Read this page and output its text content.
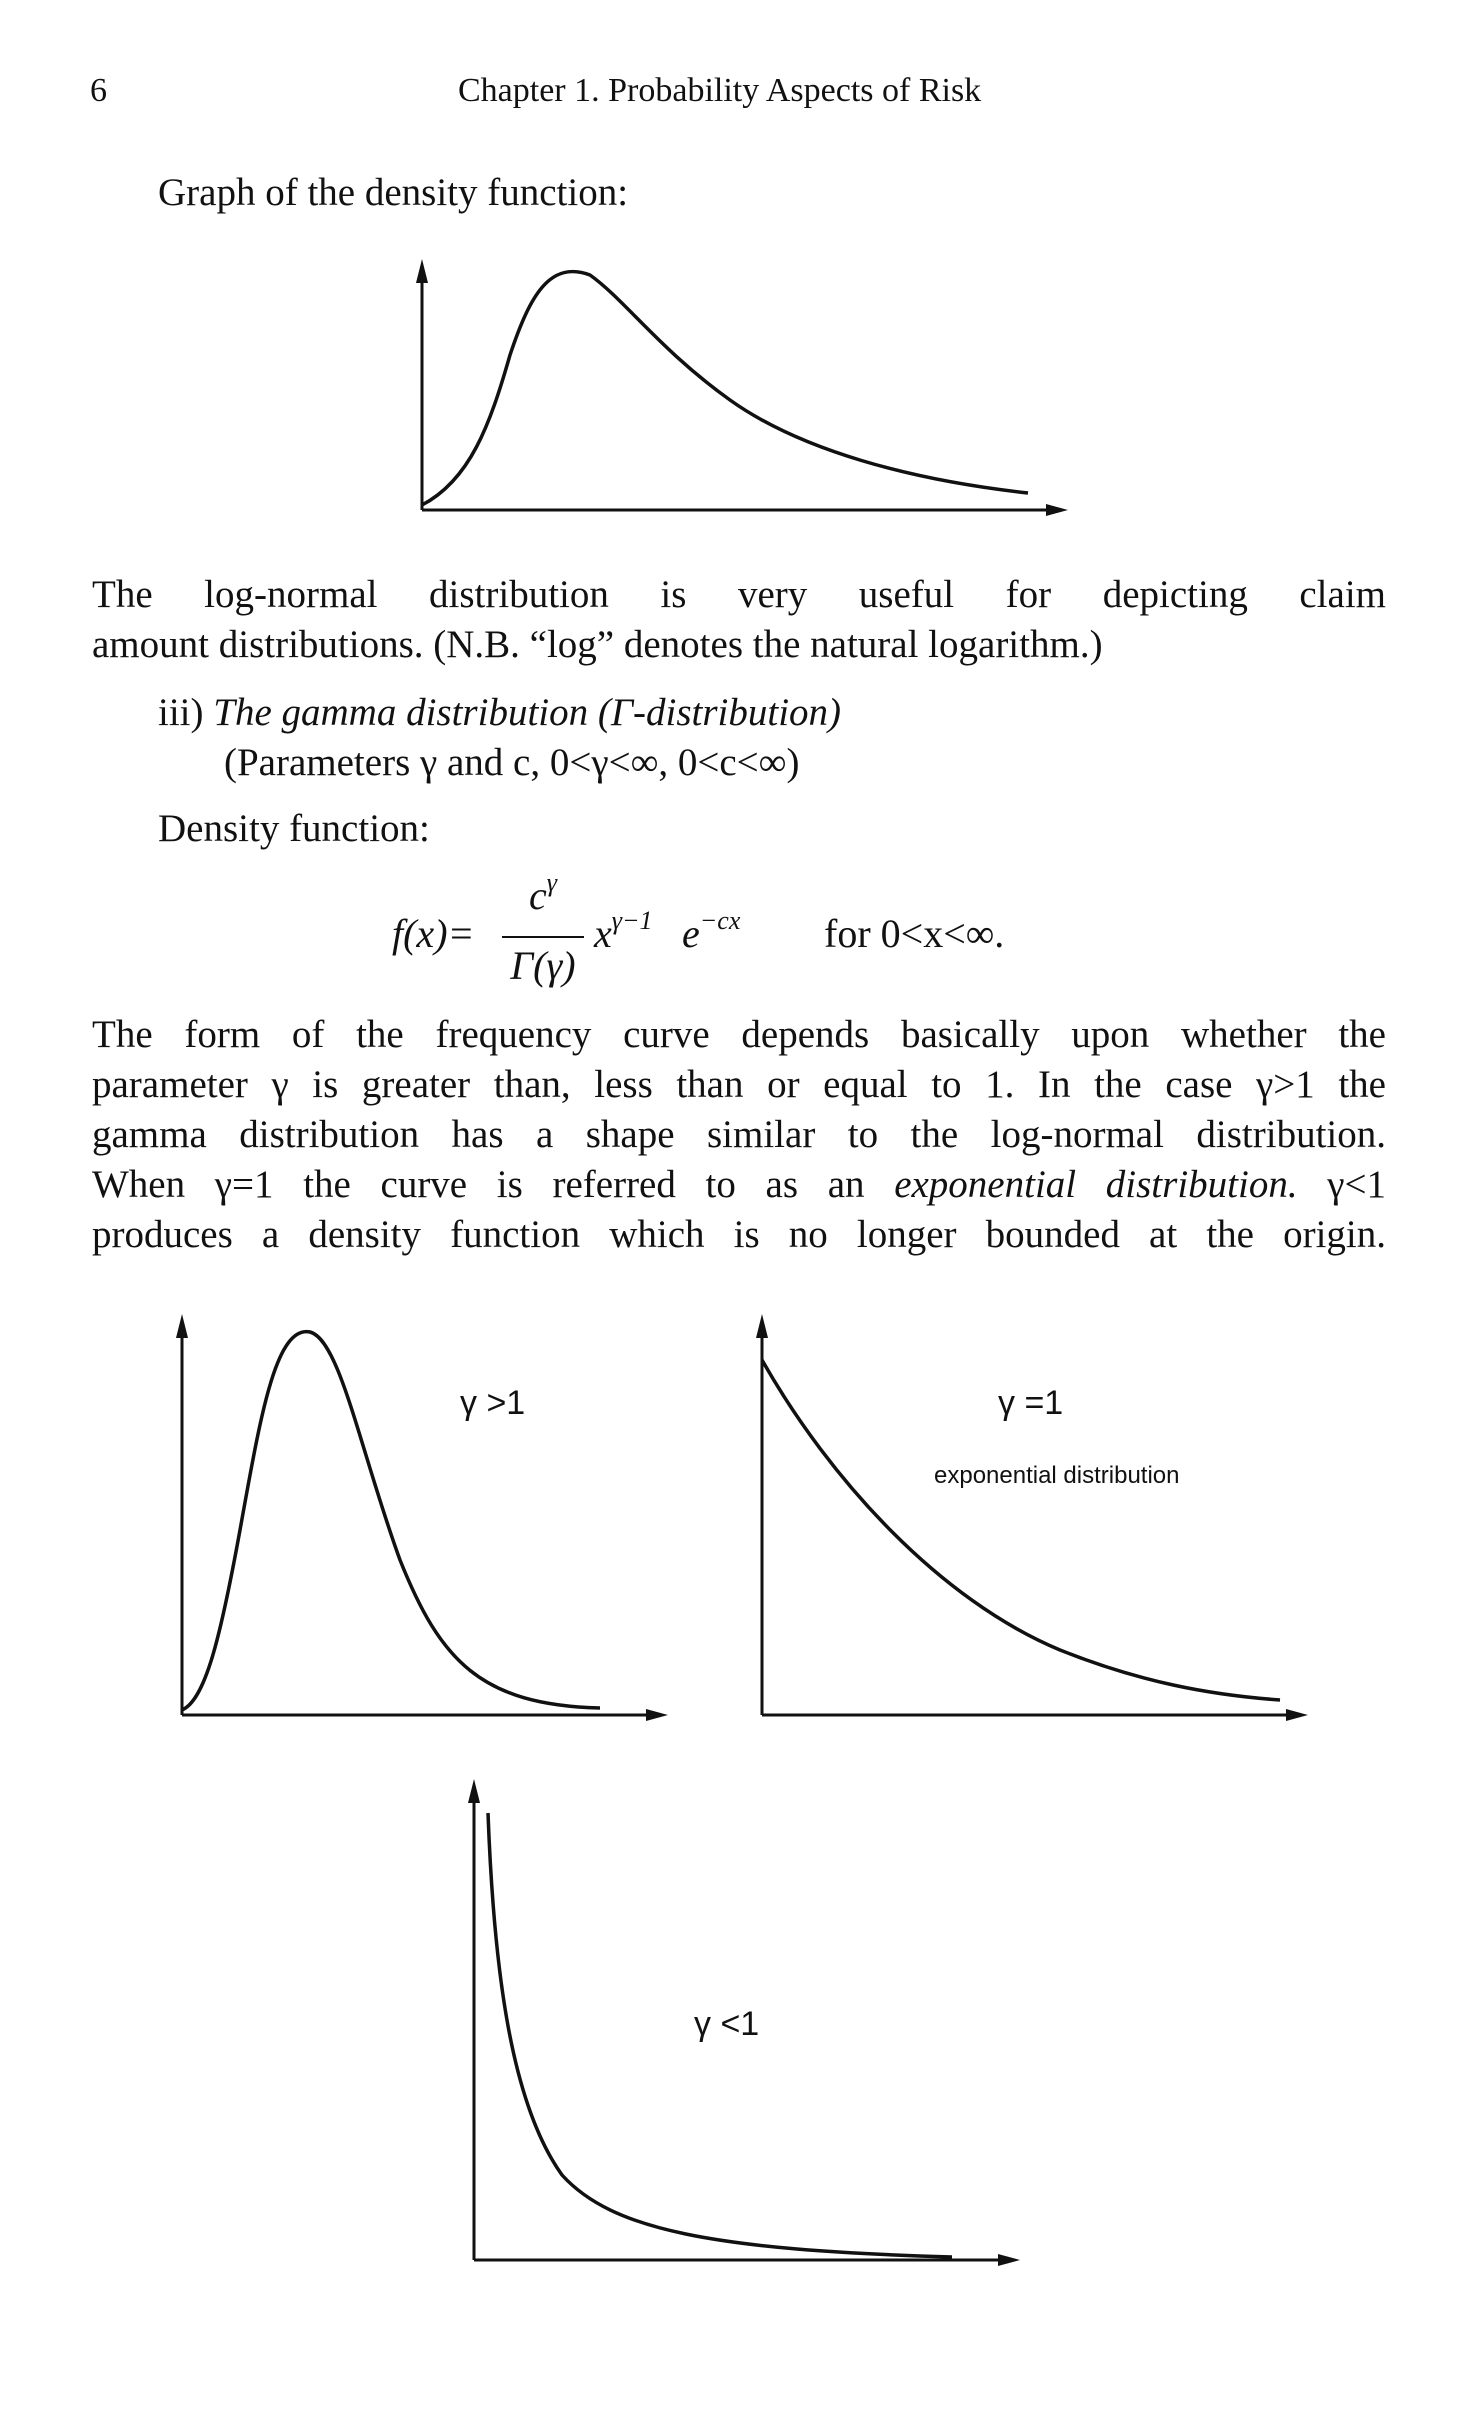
6	Chapter 1. Probability Aspects of Risk
Graph of the density function:
The log-normal distribution is very useful for depicting claim
amount distributions. (N.B. “log” denotes the natural logarithm.)
iii) The gamma distribution (Γ-distribution)
(Parameters γ and c, 0<γ<∞, 0<c<∞)
Density function:
f(x)=
$c^\gamma$
Γ(γ)
$x^{\gamma-1}$ $e^{-cx}$ for 0<x<∞.
The form of the frequency curve depends basically upon whether the
parameter γ is greater than, less than or equal to 1. In the case γ>1 the
gamma distribution has a shape similar to the log-normal distribution.
When γ=1 the curve is referred to as an exponential distribution. γ<1
produces a density function which is no longer bounded at the origin.
γ >1	γ =1
exponential distribution
γ <1
